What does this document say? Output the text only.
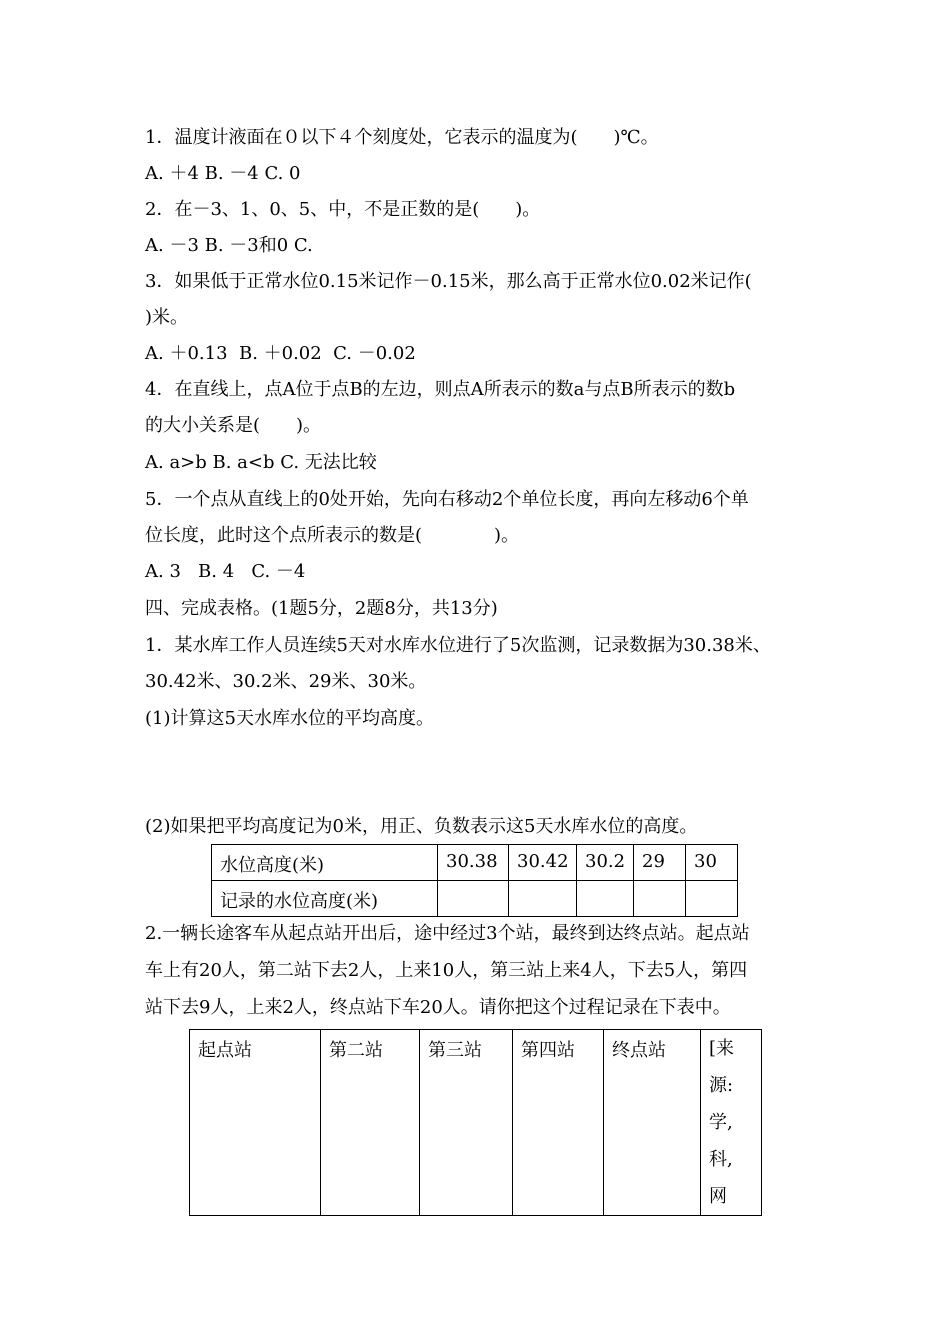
1．温度计液面在０以下４个刻度处，它表示的温度为(　　)℃。

A. ＋4 B. －4 C. 0

2．在－3、1、0、5、中，不是正数的是(　　)。

A. －3 B. －3和0 C.

3．如果低于正常水位0.15米记作－0.15米，那么高于正常水位0.02米记作(

)米。

A. ＋0.13  B. ＋0.02  C. －0.02

4．在直线上，点A位于点B的左边，则点A所表示的数a与点B所表示的数b

的大小关系是(　　)。

A. a>b B. a<b C. 无法比较

5．一个点从直线上的0处开始，先向右移动2个单位长度，再向左移动6个单

位长度，此时这个点所表示的数是(　　　　)。

A. 3   B. 4   C. －4

四、完成表格。(1题5分，2题8分，共13分)

1．某水库工作人员连续5天对水库水位进行了5次监测，记录数据为30.38米、

30.42米、30.2米、29米、30米。

(1)计算这5天水库水位的平均高度。

(2)如果把平均高度记为0米，用正、负数表示这5天水库水位的高度。

水位高度(米)	30.38	30.42	30.2	29	30
记录的水位高度(米)					

2.一辆长途客车从起点站开出后，途中经过3个站，最终到达终点站。起点站

车上有20人，第二站下去2人，上来10人，第三站上来4人，下去5人，第四

站下去9人，上来2人，终点站下车20人。请你把这个过程记录在下表中。

起点站	第二站	第三站	第四站	终点站	[来源:学,科,网
